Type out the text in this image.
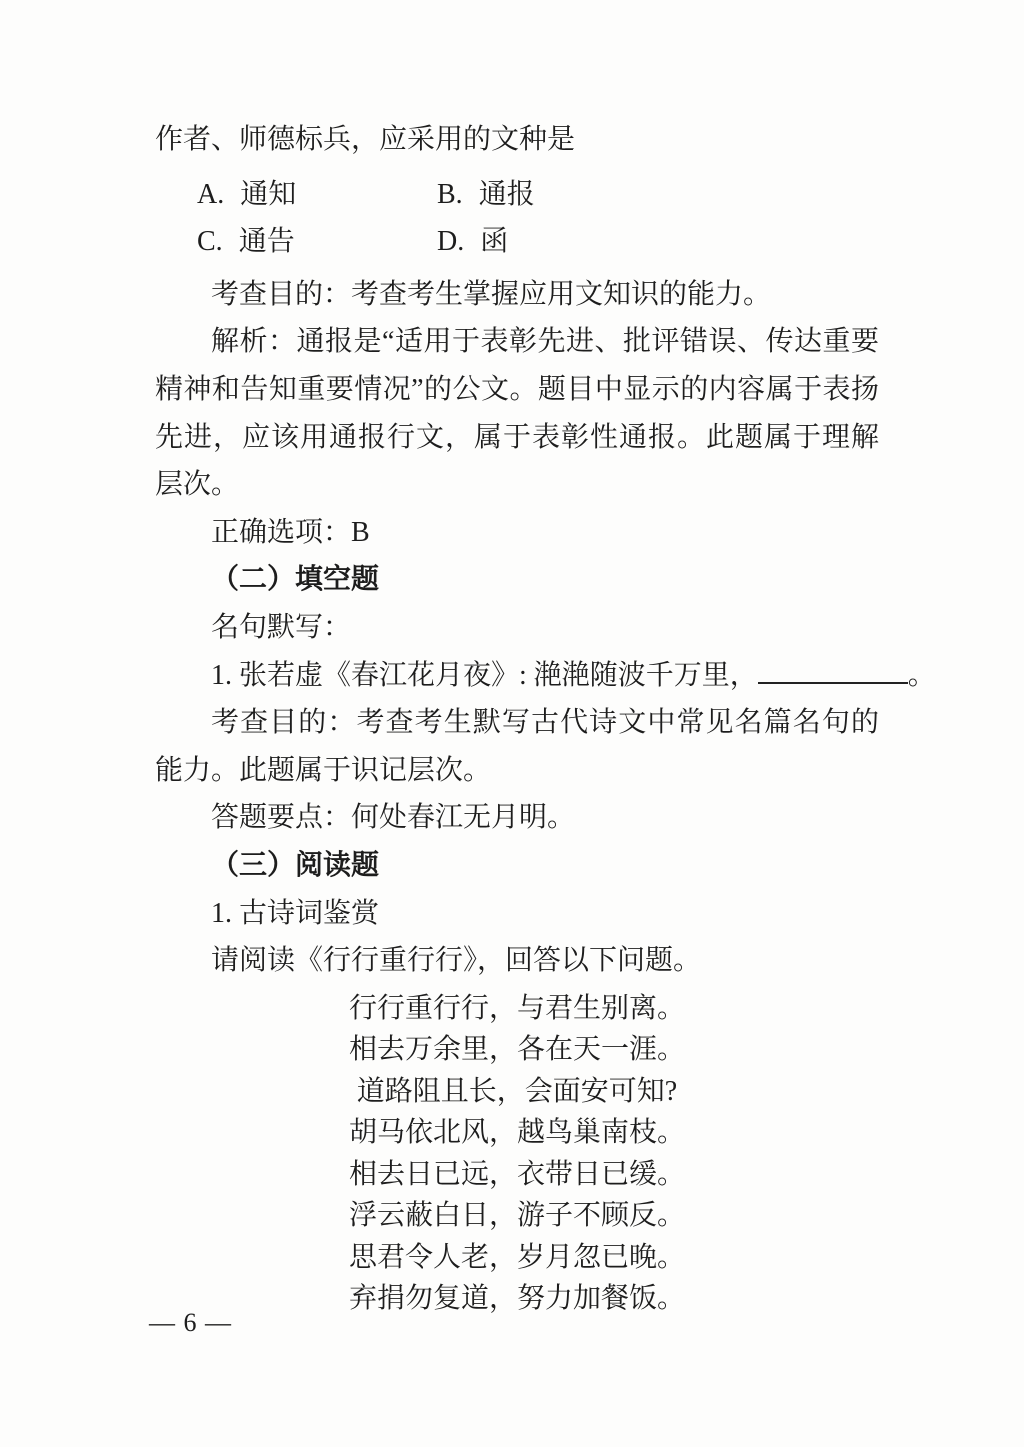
作者、师德标兵，应采用的文种是

A. 通知	B. 通报
C. 通告	D. 函

考查目的：考查考生掌握应用文知识的能力。

解析：通报是“适用于表彰先进、批评错误、传达重要精神和告知重要情况”的公文。题目中显示的内容属于表扬先进，应该用通报行文，属于表彰性通报。此题属于理解层次。

正确选项：B

（二）填空题

名句默写：

1. 张若虚《春江花月夜》: 滟滟随波千万里，	。

考查目的：考查考生默写古代诗文中常见名篇名句的能力。此题属于识记层次。

答题要点：何处春江无月明。

（三）阅读题

1. 古诗词鉴赏

请阅读《行行重行行》，回答以下问题。

行行重行行，与君生别离。

相去万余里，各在天一涯。

道路阻且长，会面安可知?

胡马依北风，越鸟巢南枝。

相去日已远，衣带日已缓。

浮云蔽白日，游子不顾反。

思君令人老，岁月忽已晚。

弃捐勿复道，努力加餐饭。

— 6 —
